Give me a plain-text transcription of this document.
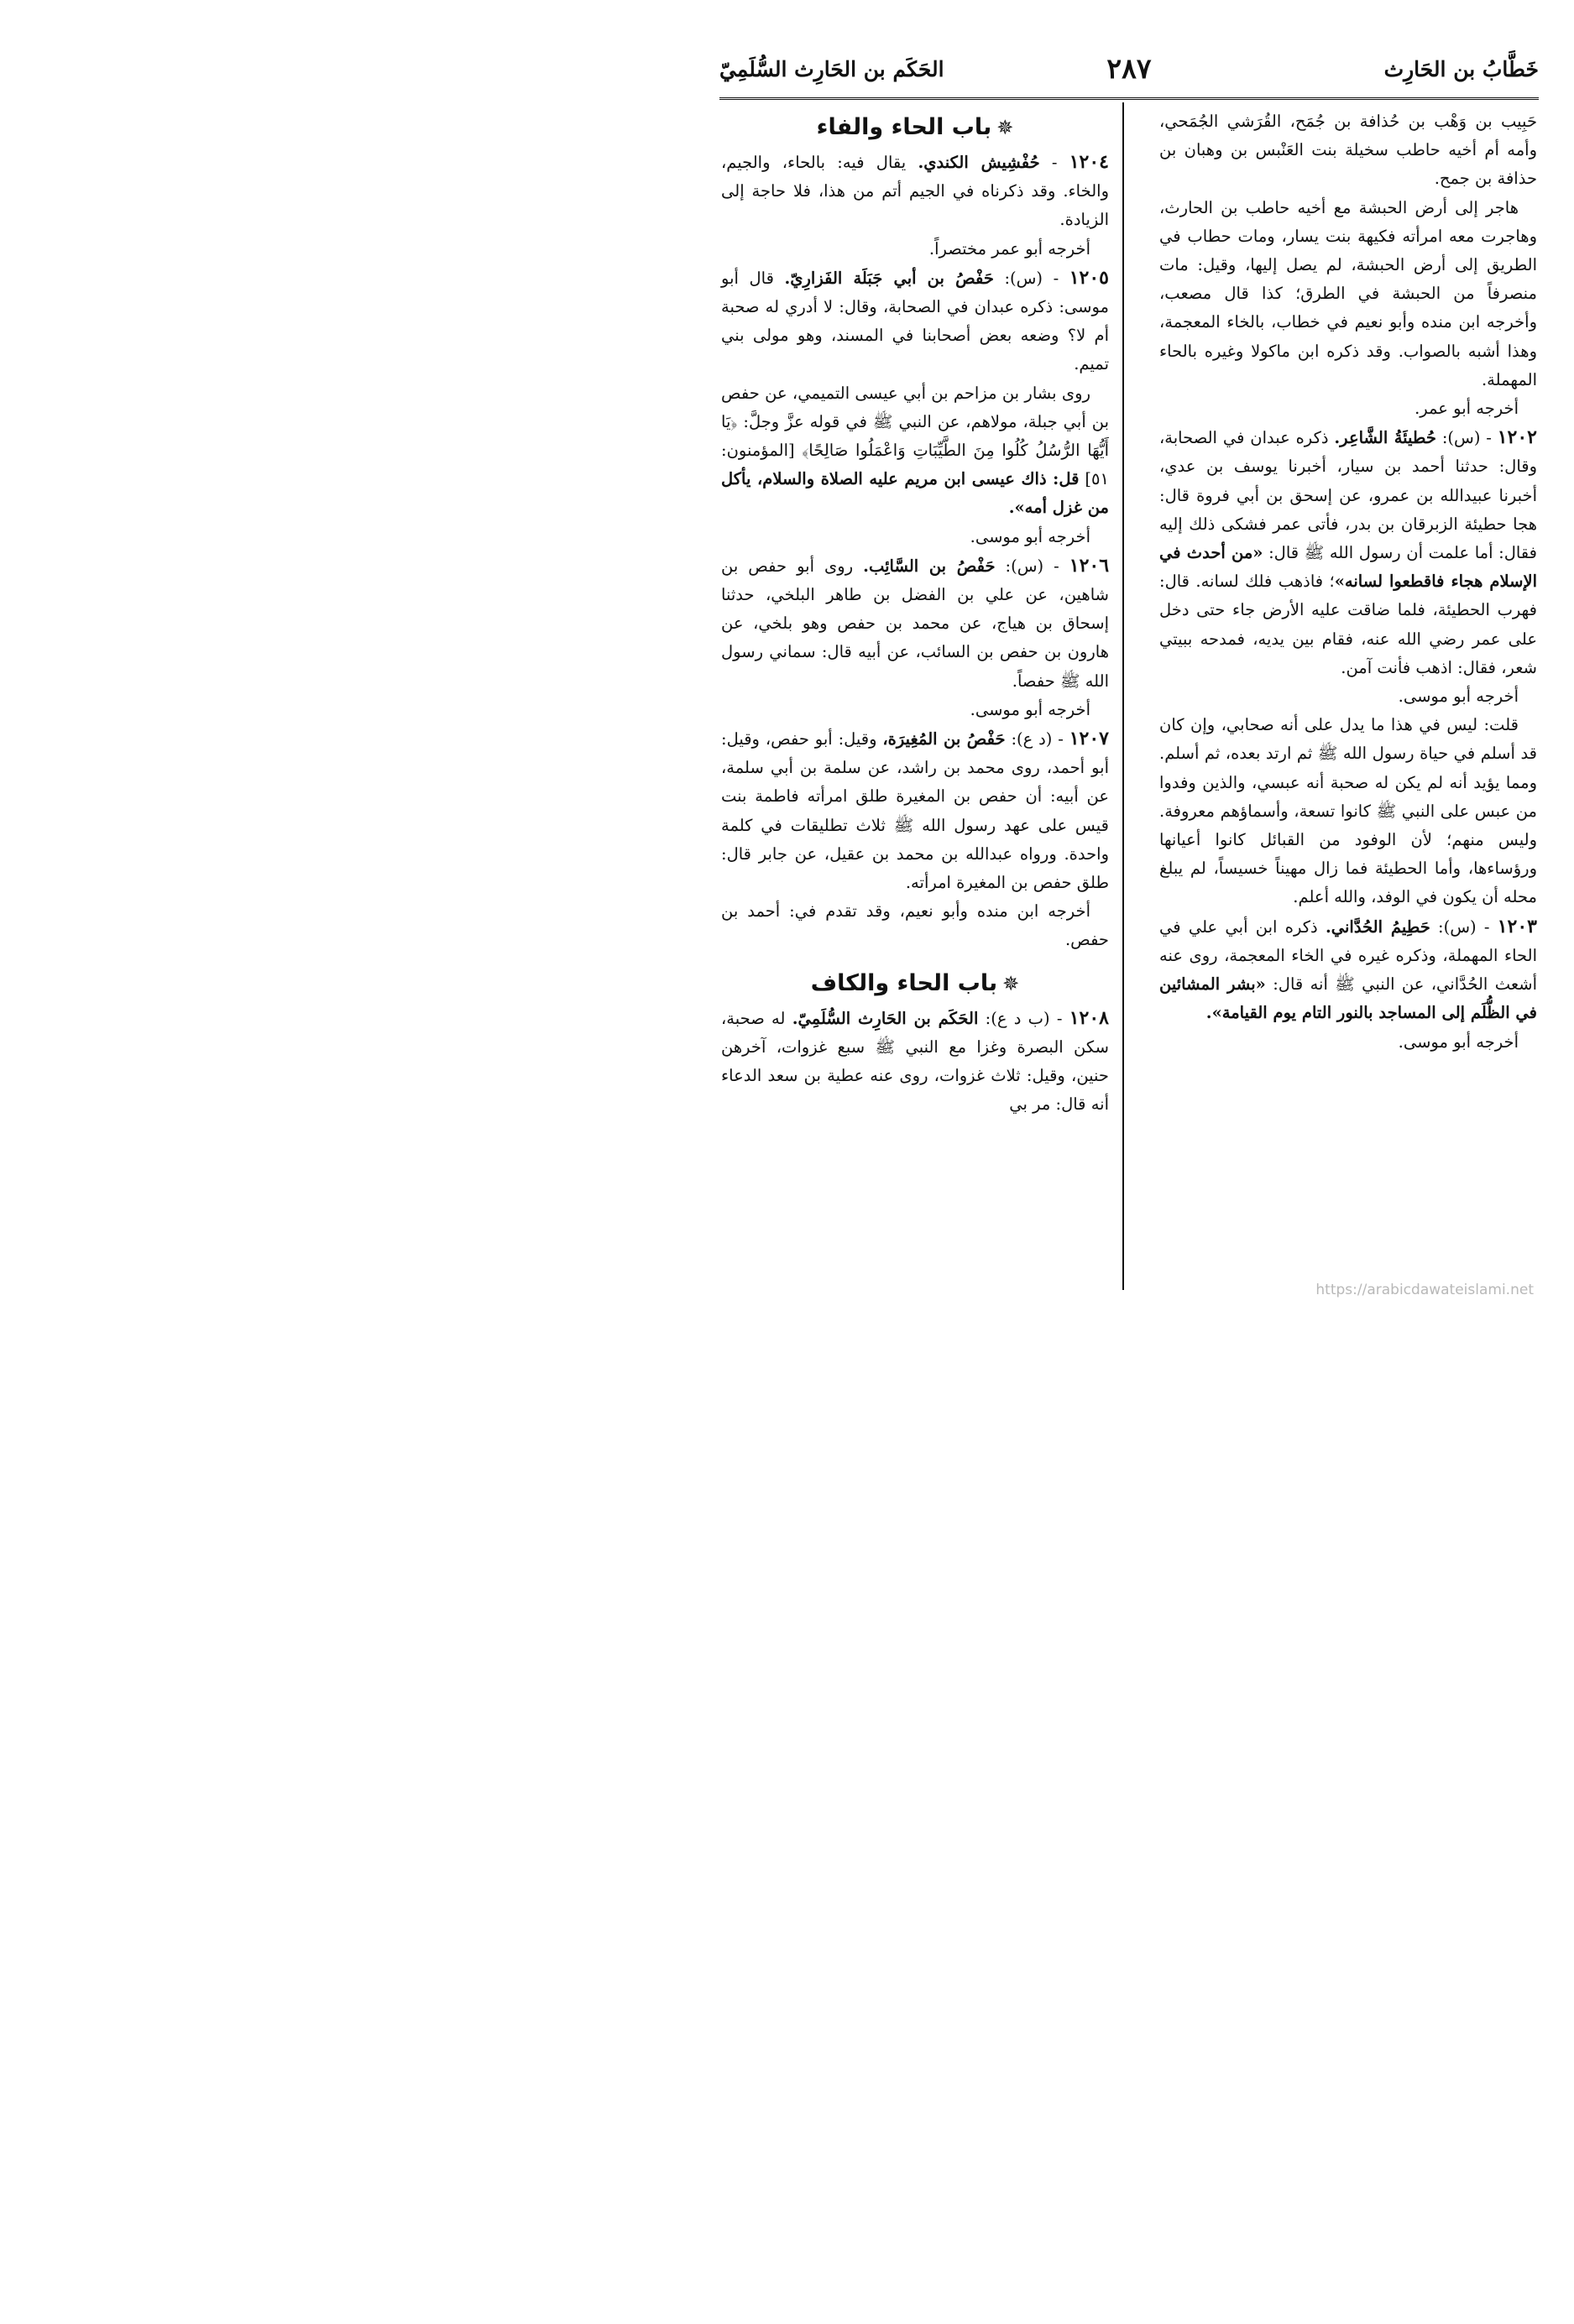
خَطَّابُ بن الحَارِث
٢٨٧
الحَكَم بن الحَارِث السُّلَمِيّ

حَبِيب بن وَهْب بن حُذافة بن جُمَح، القُرَشي الجُمَحي، وأمه أم أخيه حاطب سخيلة بنت العَنْبس بن وهبان بن حذافة بن جمح.

هاجر إلى أرض الحبشة مع أخيه حاطب بن الحارث، وهاجرت معه امرأته فكيهة بنت يسار، ومات حطاب في الطريق إلى أرض الحبشة، لم يصل إليها، وقيل: مات منصرفاً من الحبشة في الطرق؛ كذا قال مصعب، وأخرجه ابن منده وأبو نعيم في خطاب، بالخاء المعجمة، وهذا أشبه بالصواب. وقد ذكره ابن ماكولا وغيره بالحاء المهملة.

أخرجه أبو عمر.

١٢٠٢ - (س): حُطيئَةُ الشَّاعِر. ذكره عبدان في الصحابة، وقال: حدثنا أحمد بن سيار، أخبرنا يوسف بن عدي، أخبرنا عبيدالله بن عمرو، عن إسحق بن أبي فروة قال: هجا حطيئة الزبرقان بن بدر، فأتى عمر فشكى ذلك إليه فقال: أما علمت أن رسول الله ﷺ قال: «من أحدث في الإسلام هجاء فاقطعوا لسانه»؛ فاذهب فلك لسانه. قال: فهرب الحطيئة، فلما ضاقت عليه الأرض جاء حتى دخل على عمر رضي الله عنه، فقام بين يديه، فمدحه ببيتي شعر، فقال: اذهب فأنت آمن.

أخرجه أبو موسى.

قلت: ليس في هذا ما يدل على أنه صحابي، وإن كان قد أسلم في حياة رسول الله ﷺ ثم ارتد بعده، ثم أسلم. ومما يؤيد أنه لم يكن له صحبة أنه عبسي، والذين وفدوا من عبس على النبي ﷺ كانوا تسعة، وأسماؤهم معروفة. وليس منهم؛ لأن الوفود من القبائل كانوا أعيانها ورؤساءها، وأما الحطيئة فما زال مهيناً خسيساً، لم يبلغ محله أن يكون في الوفد، والله أعلم.

١٢٠٣ - (س): حَطِيمُ الحُدَّاني. ذكره ابن أبي علي في الحاء المهملة، وذكره غيره في الخاء المعجمة، روى عنه أشعث الحُدَّاني، عن النبي ﷺ أنه قال: «بشر المشائين في الظُّلَم إلى المساجد بالنور التام يوم القيامة».

أخرجه أبو موسى.

✵باب الحاء والفاء

١٢٠٤ - حُفْشِيش الكندي. يقال فيه: بالحاء، والجيم، والخاء. وقد ذكرناه في الجيم أتم من هذا، فلا حاجة إلى الزيادة.

أخرجه أبو عمر مختصراً.

١٢٠٥ - (س): حَفْصُ بن أبي جَبَلَة الفَزارِيّ. قال أبو موسى: ذكره عبدان في الصحابة، وقال: لا أدري له صحبة أم لا؟ وضعه بعض أصحابنا في المسند، وهو مولى بني تميم.

روى بشار بن مزاحم بن أبي عيسى التميمي، عن حفص بن أبي جبلة، مولاهم، عن النبي ﷺ في قوله عزَّ وجلَّ: ﴿يَا أَيُّهَا الرُّسُلُ كُلُوا مِنَ الطَّيِّبَاتِ وَاعْمَلُوا صَالِحًا﴾ [المؤمنون: ٥١] قل: ذاك عيسى ابن مريم عليه الصلاة والسلام، يأكل من غزل أمه».

أخرجه أبو موسى.

١٢٠٦ - (س): حَفْصُ بن السَّائِب. روى أبو حفص بن شاهين، عن علي بن الفضل بن طاهر البلخي، حدثنا إسحاق بن هياج، عن محمد بن حفص وهو بلخي، عن هارون بن حفص بن السائب، عن أبيه قال: سماني رسول الله ﷺ حفصاً.

أخرجه أبو موسى.

١٢٠٧ - (د ع): حَفْصُ بن المُغِيرَة، وقيل: أبو حفص، وقيل: أبو أحمد، روى محمد بن راشد، عن سلمة بن أبي سلمة، عن أبيه: أن حفص بن المغيرة طلق امرأته فاطمة بنت قيس على عهد رسول الله ﷺ ثلاث تطليقات في كلمة واحدة. ورواه عبدالله بن محمد بن عقيل، عن جابر قال: طلق حفص بن المغيرة امرأته.

أخرجه ابن منده وأبو نعيم، وقد تقدم في: أحمد بن حفص.

✵باب الحاء والكاف

١٢٠٨ - (ب د ع): الحَكَم بن الحَارِث السُّلَمِيّ. له صحبة، سكن البصرة وغزا مع النبي ﷺ سبع غزوات، آخرهن حنين، وقيل: ثلاث غزوات، روى عنه عطية بن سعد الدعاء أنه قال: مر بي

https://arabicdawateislami.net
